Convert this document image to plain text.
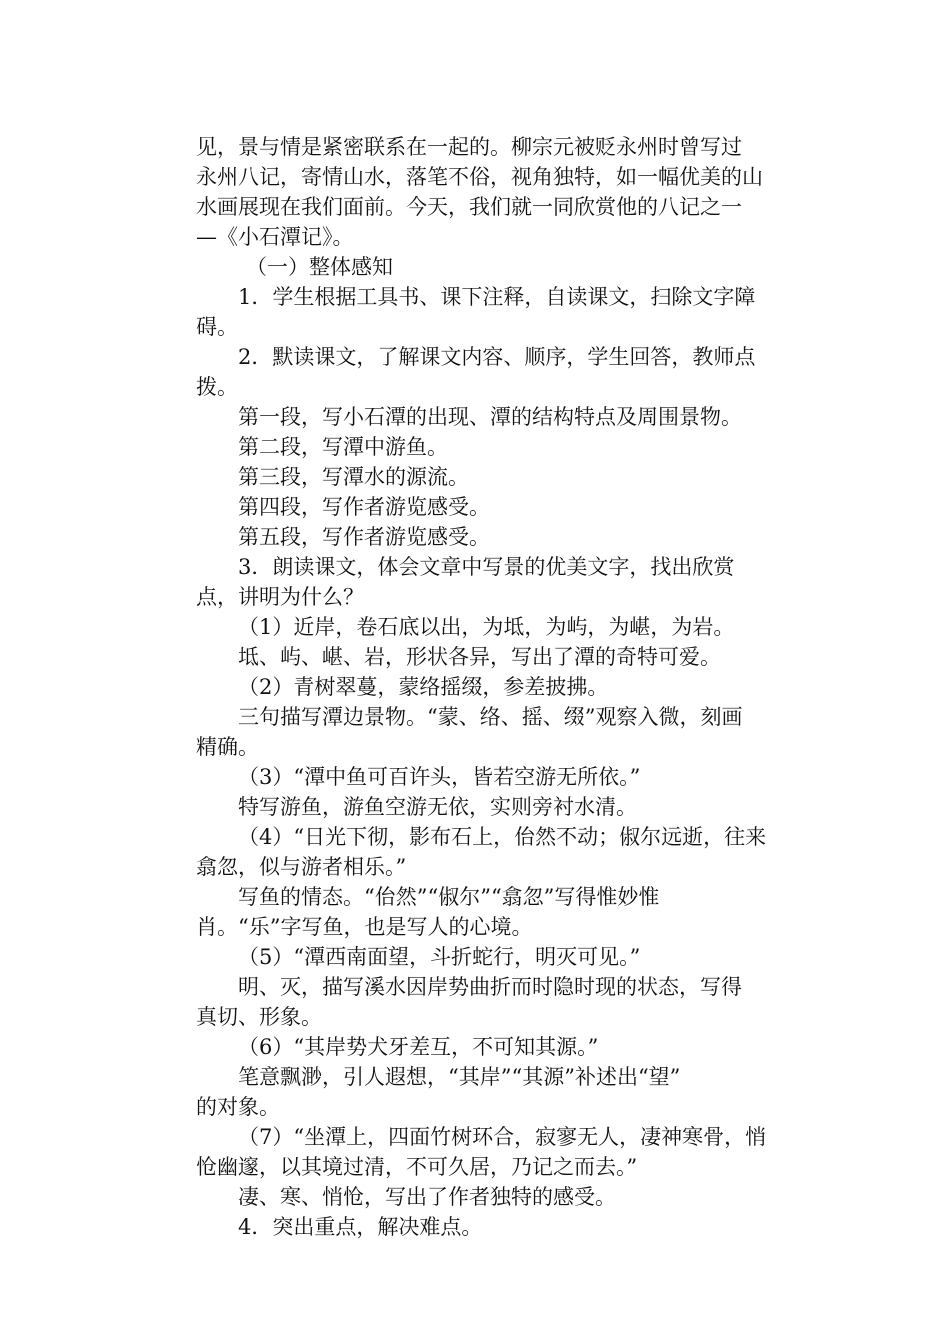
见，景与情是紧密联系在一起的。柳宗元被贬永州时曾写过
永州八记，寄情山水，落笔不俗，视角独特，如一幅优美的山
水画展现在我们面前。今天，我们就一同欣赏他的八记之一
—《小石潭记》。
（一）整体感知
1．学生根据工具书、课下注释，自读课文，扫除文字障
碍。
2．默读课文，了解课文内容、顺序，学生回答，教师点
拨。
第一段，写小石潭的出现、潭的结构特点及周围景物。
第二段，写潭中游鱼。
第三段，写潭水的源流。
第四段，写作者游览感受。
第五段，写作者游览感受。
3．朗读课文，体会文章中写景的优美文字，找出欣赏
点，讲明为什么？
（1）近岸，卷石底以出，为坻，为屿，为嵁，为岩。
坻、屿、嵁、岩，形状各异，写出了潭的奇特可爱。
（2）青树翠蔓，蒙络摇缀，参差披拂。
三句描写潭边景物。“蒙、络、摇、缀”观察入微，刻画
精确。
（3）“潭中鱼可百许头，皆若空游无所依。”
特写游鱼，游鱼空游无依，实则旁衬水清。
（4）“日光下彻，影布石上，佁然不动；俶尔远逝，往来
翕忽，似与游者相乐。”
写鱼的情态。“佁然”“俶尔”“翕忽”写得惟妙惟
肖。“乐”字写鱼，也是写人的心境。
（5）“潭西南面望，斗折蛇行，明灭可见。”
明、灭，描写溪水因岸势曲折而时隐时现的状态，写得
真切、形象。
（6）“其岸势犬牙差互，不可知其源。”
笔意飘渺，引人遐想，“其岸”“其源”补述出“望”
的对象。
（7）“坐潭上，四面竹树环合，寂寥无人，凄神寒骨，悄
怆幽邃，以其境过清，不可久居，乃记之而去。”
凄、寒、悄怆，写出了作者独特的感受。
4．突出重点，解决难点。
